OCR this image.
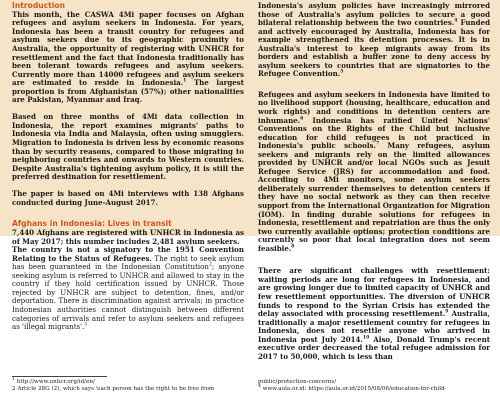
Introduction

This month, the CASWA 4Mi paper focuses on Afghan refugees and asylum seekers in Indonesia. For years, Indonesia has been a transit country for refugees and asylum seekers due to its geographic proximity to Australia, the opportunity of registering with UNHCR for resettlement and the fact that Indonesia traditionally has been tolerant towards refugees and asylum seekers. Currently more than 14000 refugees and asylum seekers are estimated to reside in Indonesia.$^1$ The largest proportion is from Afghanistan (57%); other nationalities are Pakistan, Myanmar and Iraq.

Based on three months of 4Mi data collection in Indonesia, the report examines migrants' paths to Indonesia via India and Malaysia, often using smugglers. Migration to Indonesia is driven less by economic reasons than by security reasons, compared to those migrating to neighboring countries and onwards to Western countries. Despite Australia's tightening asylum policy, it is still the preferred destination for resettlement.

The paper is based on 4Mi interviews with 138 Afghans conducted during June-August 2017.

Afghans in Indonesia: Lives in transit

7,440 Afghans are registered with UNHCR in Indonesia as of May 2017; this number includes 2,481 asylum seekers.

The country is not a signatory to the 1951 Convention Relating to the Status of Refugees. The right to seek asylum has been guaranteed in the Indonesian Constitution$^2$; anyone seeking asylum is referred to UNHCR and allowed to stay in the country if they hold certification issued by UNHCR. Those rejected by UNHCR are subject to detention, fines, and/or deportation. There is discrimination against arrivals; in practice Indonesian authorities cannot distinguish between different categories of arrivals and refer to asylum seekers and refugees as 'illegal migrants'.$^3$

Indonesia's asylum policies have increasingly mirrored those of Australia's asylum policies to secure a good bilateral relationship between the two countries.$^4$ Funded and actively encouraged by Australia, Indonesia has for example strengthened its detention processes. It is in Australia's interest to keep migrants away from its borders and establish a buffer zone to deny access by asylum seekers to countries that are signatories to the Refugee Convention.$^5$

Refugees and asylum seekers in Indonesia have limited to no livelihood support (housing, healthcare, education and work rights) and conditions in detention centers are inhumane.$^6$ Indonesia has ratified United Nations' Conventions on the Rights of the Child but inclusive education for child refugees is not practiced in Indonesia's public schools.$^7$ Many refugees, asylum seekers and migrants rely on the limited allowances provided by UNHCR and/or local NGOs such as Jesuit Refugee Service (JRS) for accommodation and food. According to 4Mi monitors, some asylum seekers deliberately surrender themselves to detention centers if they have no social network as they can then receive support from the International Organization for Migration (IOM). In finding durable solutions for refugees in Indonesia, resettlement and repatriation are thus the only two currently available options; protection conditions are currently so poor that local integration does not seem feasible.$^8$

There are significant challenges with resettlement: waiting periods are long for refugees in Indonesia, and are growing longer due to limited capacity of UNHCR and few resettlement opportunities. The diversion of UNHCR funds to respond to the Syrian Crisis has extended the delay associated with processing resettlement.$^9$ Australia, traditionally a major resettlement country for refugees in Indonesia, does not resettle anyone who arrived in Indonesia post July 2014.10 Also, Donald Trump's recent executive order decreased the total refugee admission for 2017 to 50,000, which is less than

$^1$ http://www.unhcr.org/id/en/

2 Article 28G (2), which says 'each person has the right to be free from

public/protection-concerns/

$^4$ www.aula.or.id: https://aula.or.id/2015/08/06/education-for-child-
